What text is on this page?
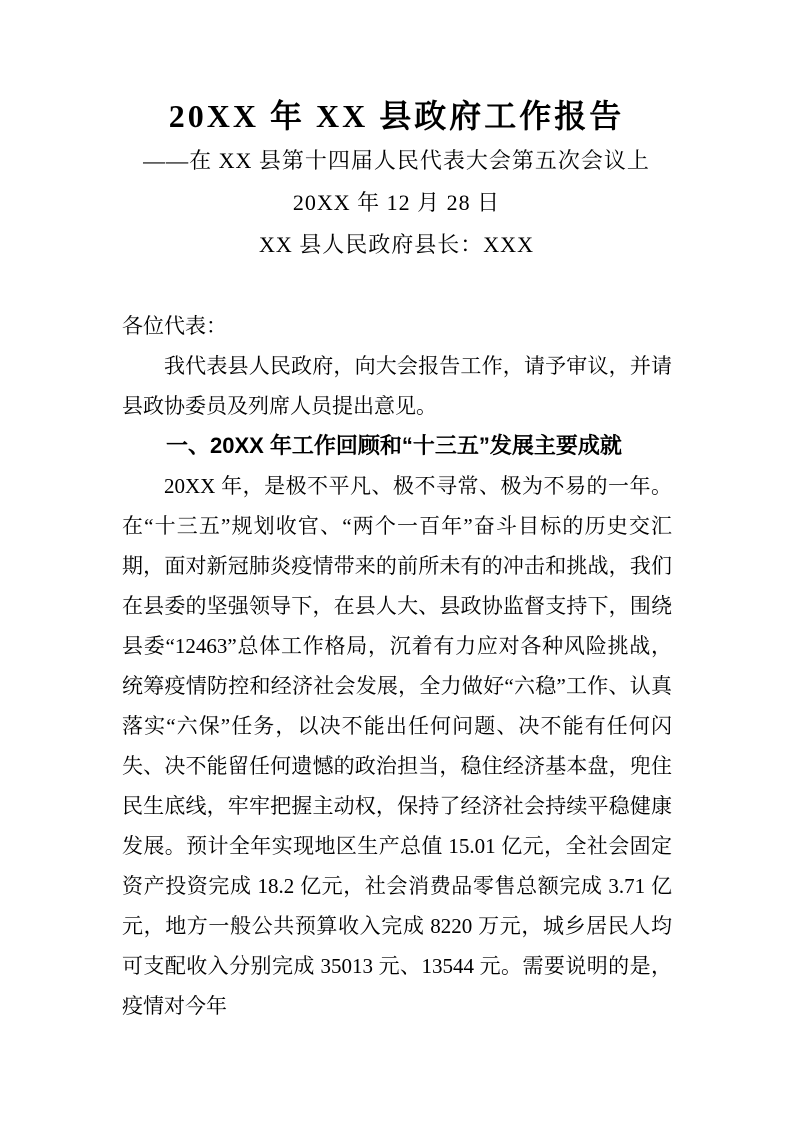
20XX 年 XX 县政府工作报告
——在 XX 县第十四届人民代表大会第五次会议上
20XX 年 12 月 28 日
XX 县人民政府县长：XXX

各位代表：

我代表县人民政府，向大会报告工作，请予审议，并请县政协委员及列席人员提出意见。

一、20XX 年工作回顾和“十三五”发展主要成就

20XX 年，是极不平凡、极不寻常、极为不易的一年。在“十三五”规划收官、“两个一百年”奋斗目标的历史交汇期，面对新冠肺炎疫情带来的前所未有的冲击和挑战，我们在县委的坚强领导下，在县人大、县政协监督支持下，围绕县委“12463”总体工作格局，沉着有力应对各种风险挑战，统筹疫情防控和经济社会发展，全力做好“六稳”工作、认真落实“六保”任务，以决不能出任何问题、决不能有任何闪失、决不能留任何遗憾的政治担当，稳住经济基本盘，兜住民生底线，牢牢把握主动权，保持了经济社会持续平稳健康发展。预计全年实现地区生产总值 15.01 亿元，全社会固定资产投资完成 18.2 亿元，社会消费品零售总额完成 3.71 亿元，地方一般公共预算收入完成 8220 万元，城乡居民人均可支配收入分别完成 35013 元、13544 元。需要说明的是，疫情对今年
